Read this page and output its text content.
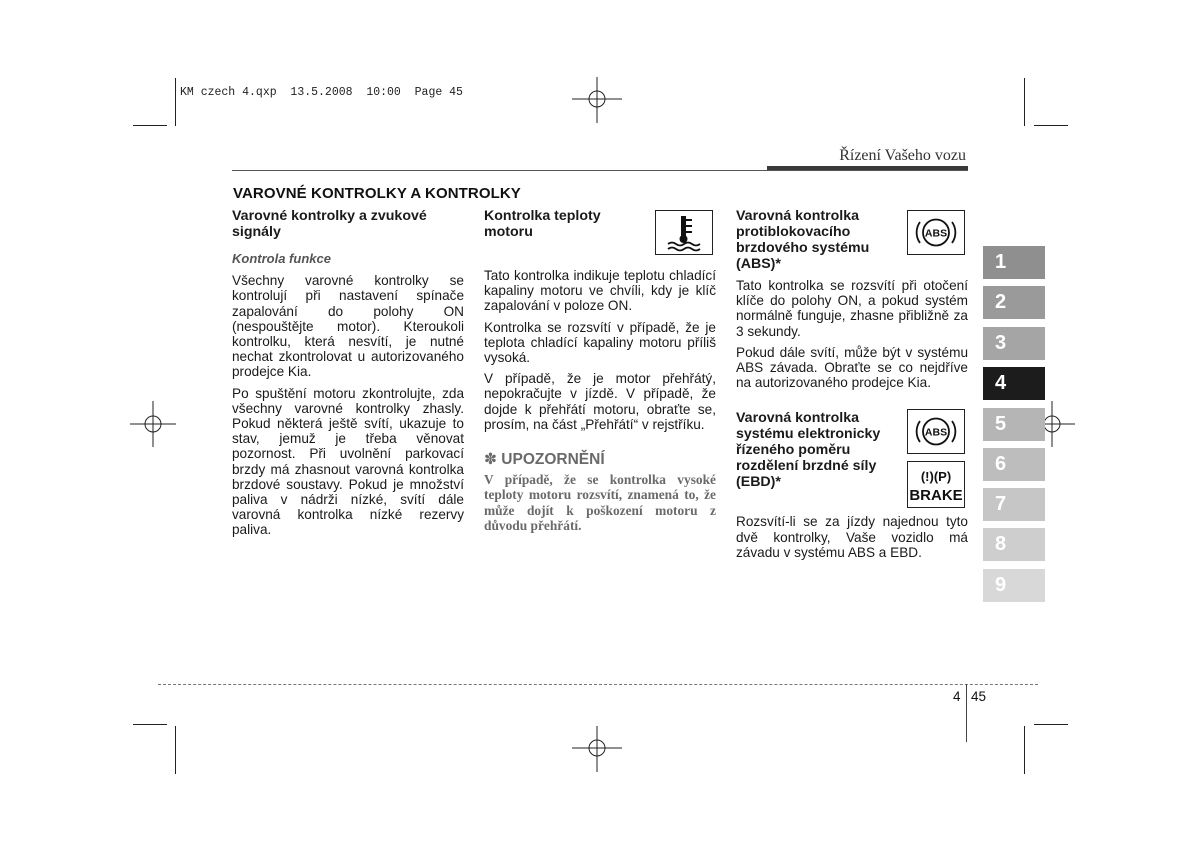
KM czech 4.qxp  13.5.2008  10:00  Page 45
Řízení Vašeho vozu
VAROVNÉ KONTROLKY A KONTROLKY
Varovné kontrolky a zvukové signály
Kontrola funkce

Všechny varovné kontrolky se kontrolují při nastavení spínače zapalování do polohy ON (nespouštějte motor). Kteroukoli kontrolku, která nesvítí, je nutné nechat zkontrolovat u autorizovaného prodejce Kia.

Po spuštění motoru zkontrolujte, zda všechny varovné kontrolky zhasly. Pokud některá ještě svítí, ukazuje to stav, jemuž je třeba věnovat pozornost. Při uvolnění parkovací brzdy má zhasnout varovná kontrolka brzdové soustavy. Pokud je množství paliva v nádrži nízké, svítí dále varovná kontrolka nízké rezervy paliva.

Kontrolka teploty motoru

Tato kontrolka indikuje teplotu chladící kapaliny motoru ve chvíli, kdy je klíč zapalování v poloze ON.

Kontrolka se rozsvítí v případě, že je teplota chladící kapaliny motoru příliš vysoká.

V případě, že je motor přehřátý, nepokračujte v jízdě. V případě, že dojde k přehřátí motoru, obraťte se, prosím, na část „Přehřátí“ v rejstříku.

✽ UPOZORNĚNÍ
V případě, že se kontrolka vysoké teploty motoru rozsvítí, znamená to, že může dojít k poškození motoru z důvodu přehřátí.
Varovná kontrolka protiblokovacího brzdového systému (ABS)*

Tato kontrolka se rozsvítí při otočení klíče do polohy ON, a pokud systém normálně funguje, zhasne přibližně za 3 sekundy.

Pokud dále svítí, může být v systému ABS závada. Obraťte se co nejdříve na autorizovaného prodejce Kia.

Varovná kontrolka systému elektronicky řízeného poměru rozdělení brzdné síly (EBD)*

Rozsvítí-li se za jízdy najednou tyto dvě kontrolky, Vaše vozidlo má závadu v systému ABS a EBD.

ABS
ABS
(!)(P)
BRAKE
1
2
3
4
5
6
7
8
9
4 45
